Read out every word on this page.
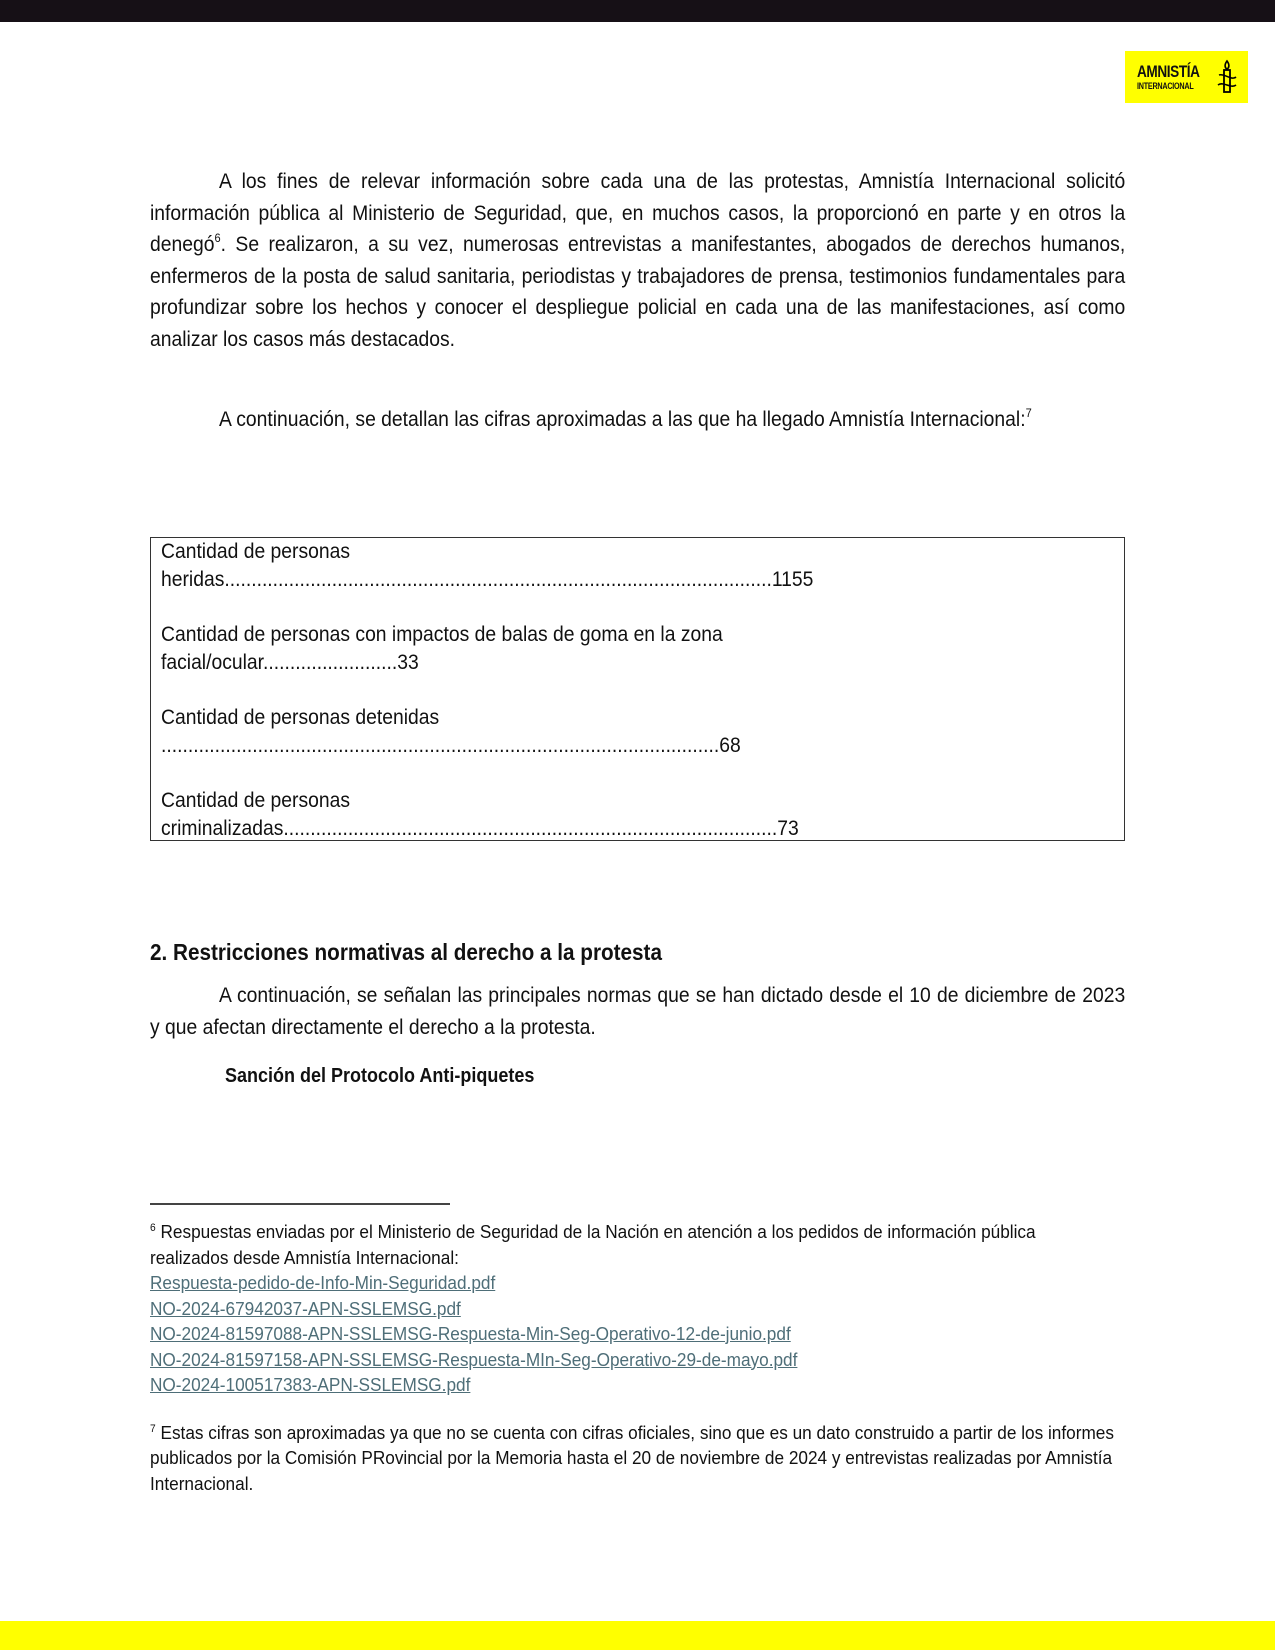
AMNISTÍA
INTERNACIONAL

A los fines de relevar información sobre cada una de las protestas, Amnistía Internacional solicitó información pública al Ministerio de Seguridad, que, en muchos casos, la proporcionó en parte y en otros la denegó$^6$. Se realizaron, a su vez, numerosas entrevistas a manifestantes, abogados de derechos humanos, enfermeros de la posta de salud sanitaria, periodistas y trabajadores de prensa, testimonios fundamentales para profundizar sobre los hechos y conocer el despliegue policial en cada una de las manifestaciones, así como analizar los casos más destacados.

A continuación, se detallan las cifras aproximadas a las que ha llegado Amnistía Internacional:$^7$

Cantidad de personas
heridas......................................................................................................1155
Cantidad de personas con impactos de balas de goma en la zona
facial/ocular.........................33
Cantidad de personas detenidas
........................................................................................................68
Cantidad de personas
criminalizadas............................................................................................73
2. Restricciones normativas al derecho a la protesta

A continuación, se señalan las principales normas que se han dictado desde el 10 de diciembre de 2023 y que afectan directamente el derecho a la protesta.

Sanción del Protocolo Anti-piquetes
$^6$ Respuestas enviadas por el Ministerio de Seguridad de la Nación en atención a los pedidos de información pública realizados desde Amnistía Internacional:
Respuesta-pedido-de-Info-Min-Seguridad.pdf
NO-2024-67942037-APN-SSLEMSG.pdf
NO-2024-81597088-APN-SSLEMSG-Respuesta-Min-Seg-Operativo-12-de-junio.pdf
NO-2024-81597158-APN-SSLEMSG-Respuesta-MIn-Seg-Operativo-29-de-mayo.pdf
NO-2024-100517383-APN-SSLEMSG.pdf
$^7$ Estas cifras son aproximadas ya que no se cuenta con cifras oficiales, sino que es un dato construido a partir de los informes publicados por la Comisión PRovincial por la Memoria hasta el 20 de noviembre de 2024 y entrevistas realizadas por Amnistía Internacional.
